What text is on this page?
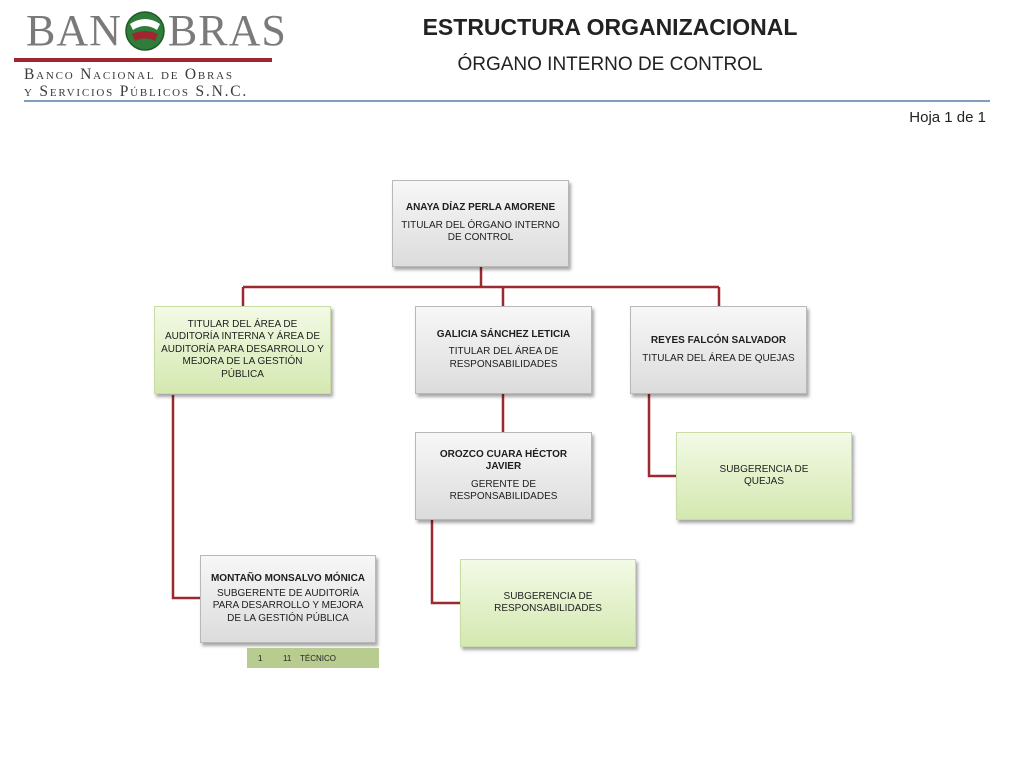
BAN BRAS
Banco Nacional de Obras
y Servicios Públicos S.N.C.
ESTRUCTURA ORGANIZACIONAL
ÓRGANO INTERNO DE CONTROL
Hoja 1 de 1
ANAYA DÍAZ PERLA AMORENE
TITULAR DEL ÓRGANO INTERNO DE CONTROL
TITULAR DEL ÁREA DE AUDITORÍA INTERNA Y ÁREA DE AUDITORÍA PARA DESARROLLO Y MEJORA DE LA GESTIÓN PÚBLICA
GALICIA SÁNCHEZ LETICIA
TITULAR DEL ÁREA DE RESPONSABILIDADES
REYES FALCÓN SALVADOR
TITULAR DEL ÁREA DE QUEJAS
OROZCO CUARA HÉCTOR JAVIER
GERENTE DE RESPONSABILIDADES
SUBGERENCIA DE QUEJAS
MONTAÑO MONSALVO MÓNICA
SUBGERENTE DE AUDITORÍA PARA DESARROLLO Y MEJORA DE LA GESTIÓN PÚBLICA
SUBGERENCIA DE RESPONSABILIDADES
1	11 TÉCNICO
